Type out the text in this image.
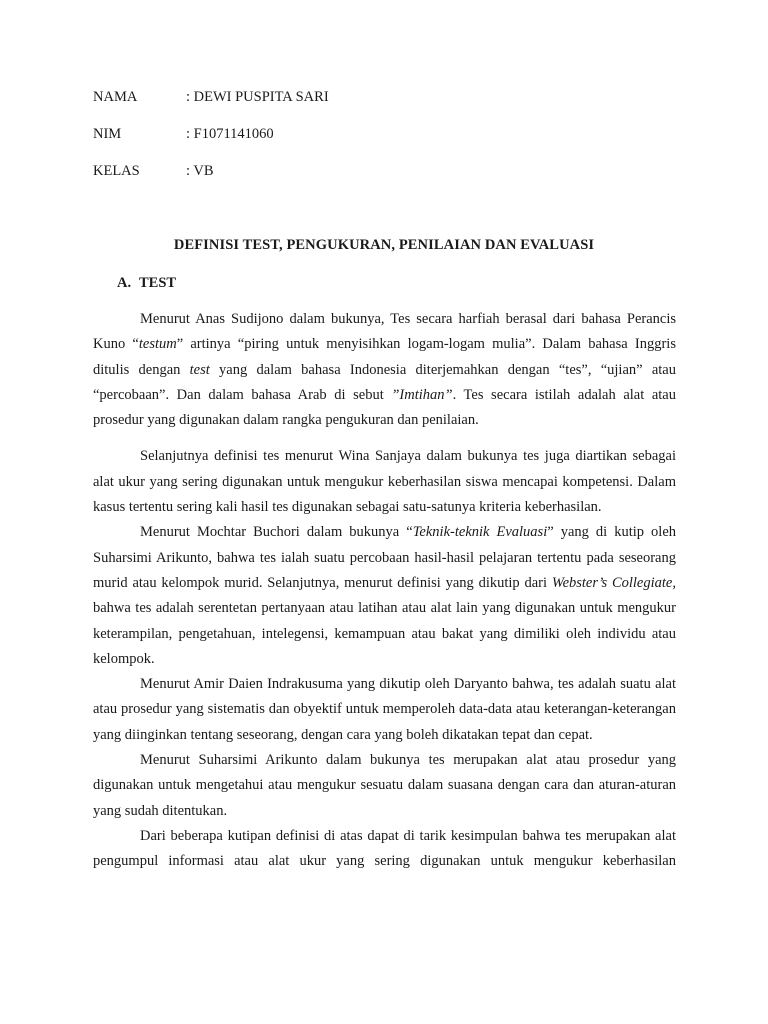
NAMA	: DEWI PUSPITA SARI
NIM	: F1071141060
KELAS	: VB
DEFINISI TEST, PENGUKURAN, PENILAIAN DAN EVALUASI
A. TEST

Menurut Anas Sudijono dalam bukunya, Tes secara harfiah berasal dari bahasa Perancis Kuno “testum” artinya “piring untuk menyisihkan logam-logam mulia”. Dalam bahasa Inggris ditulis dengan test yang dalam bahasa Indonesia diterjemahkan dengan “tes”, “ujian” atau “percobaan”. Dan dalam bahasa Arab di sebut ”Imtihan”. Tes secara istilah adalah alat atau prosedur yang digunakan dalam rangka pengukuran dan penilaian.

Selanjutnya definisi tes menurut Wina Sanjaya dalam bukunya tes juga diartikan sebagai alat ukur yang sering digunakan untuk mengukur keberhasilan siswa mencapai kompetensi. Dalam kasus tertentu sering kali hasil tes digunakan sebagai satu-satunya kriteria keberhasilan.

Menurut Mochtar Buchori dalam bukunya “Teknik-teknik Evaluasi” yang di kutip oleh Suharsimi Arikunto, bahwa tes ialah suatu percobaan hasil-hasil pelajaran tertentu pada seseorang murid atau kelompok murid. Selanjutnya, menurut definisi yang dikutip dari Webster’s Collegiate, bahwa tes adalah serentetan pertanyaan atau latihan atau alat lain yang digunakan untuk mengukur keterampilan, pengetahuan, intelegensi, kemampuan atau bakat yang dimiliki oleh individu atau kelompok.

Menurut Amir Daien Indrakusuma yang dikutip oleh Daryanto bahwa, tes adalah suatu alat atau prosedur yang sistematis dan obyektif untuk memperoleh data-data atau keterangan-keterangan yang diinginkan tentang seseorang, dengan cara yang boleh dikatakan tepat dan cepat.

Menurut Suharsimi Arikunto dalam bukunya tes merupakan alat atau prosedur yang digunakan untuk mengetahui atau mengukur sesuatu dalam suasana dengan cara dan aturan-aturan yang sudah ditentukan.

Dari beberapa kutipan definisi di atas dapat di tarik kesimpulan bahwa tes merupakan alat pengumpul informasi atau alat ukur yang sering digunakan untuk mengukur keberhasilan
